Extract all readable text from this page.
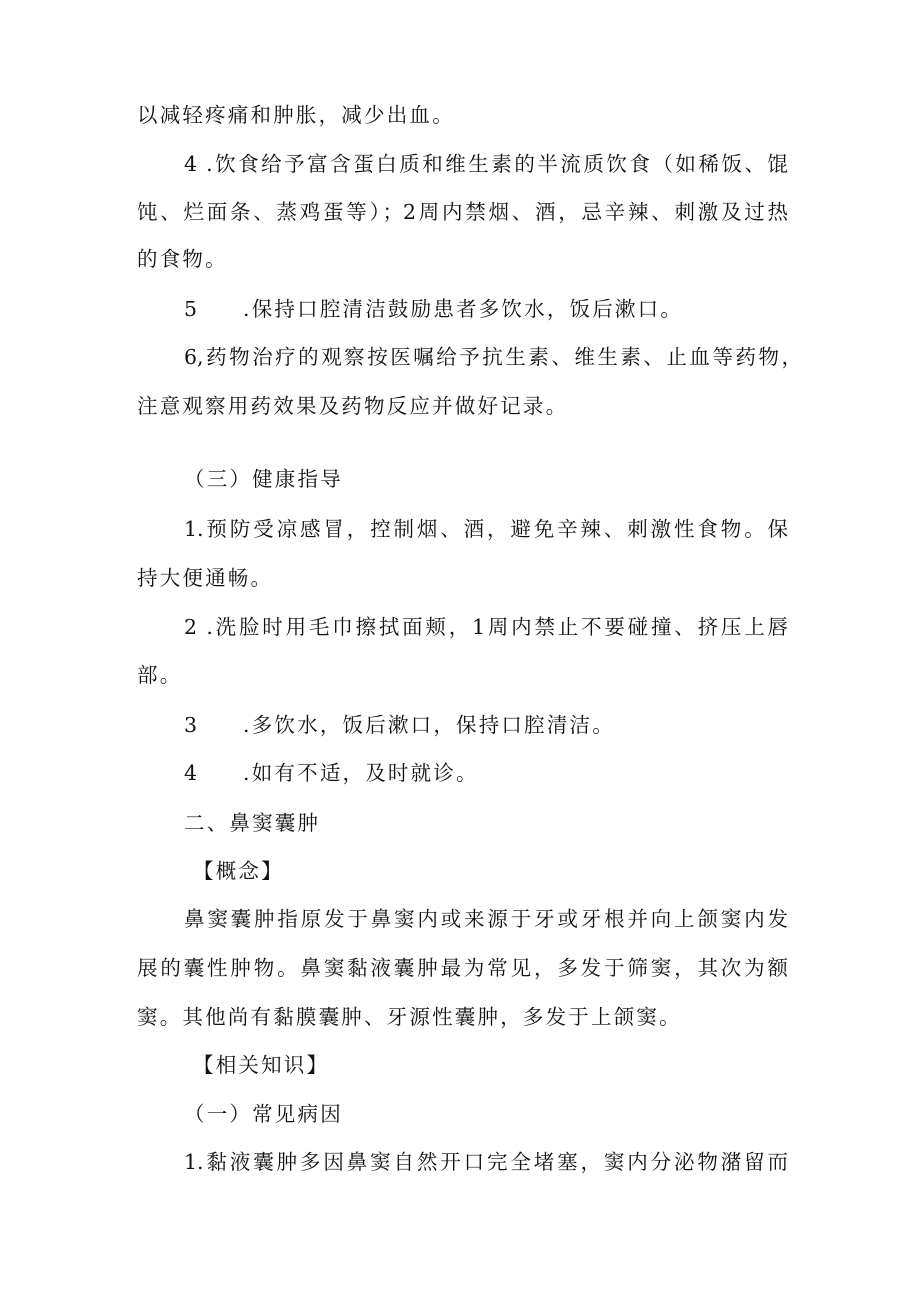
以减轻疼痛和肿胀，减少出血。
4 .饮食给予富含蛋白质和维生素的半流质饮食（如稀饭、馄
饨、烂面条、蒸鸡蛋等）；2周内禁烟、酒，忌辛辣、刺激及过热
的食物。
5 .保持口腔清洁鼓励患者多饮水，饭后漱口。
6,药物治疗的观察按医嘱给予抗生素、维生素、止血等药物，
注意观察用药效果及药物反应并做好记录。
（三）健康指导
1.预防受凉感冒，控制烟、酒，避免辛辣、刺激性食物。保
持大便通畅。
2 .洗脸时用毛巾擦拭面颊，1周内禁止不要碰撞、挤压上唇
部。
3 .多饮水，饭后漱口，保持口腔清洁。
4 .如有不适，及时就诊。
二、鼻窦囊肿
【概念】
鼻窦囊肿指原发于鼻窦内或来源于牙或牙根并向上颌窦内发
展的囊性肿物。鼻窦黏液囊肿最为常见，多发于筛窦，其次为额
窦。其他尚有黏膜囊肿、牙源性囊肿，多发于上颌窦。
【相关知识】
（一）常见病因
1.黏液囊肿多因鼻窦自然开口完全堵塞，窦内分泌物潴留而
